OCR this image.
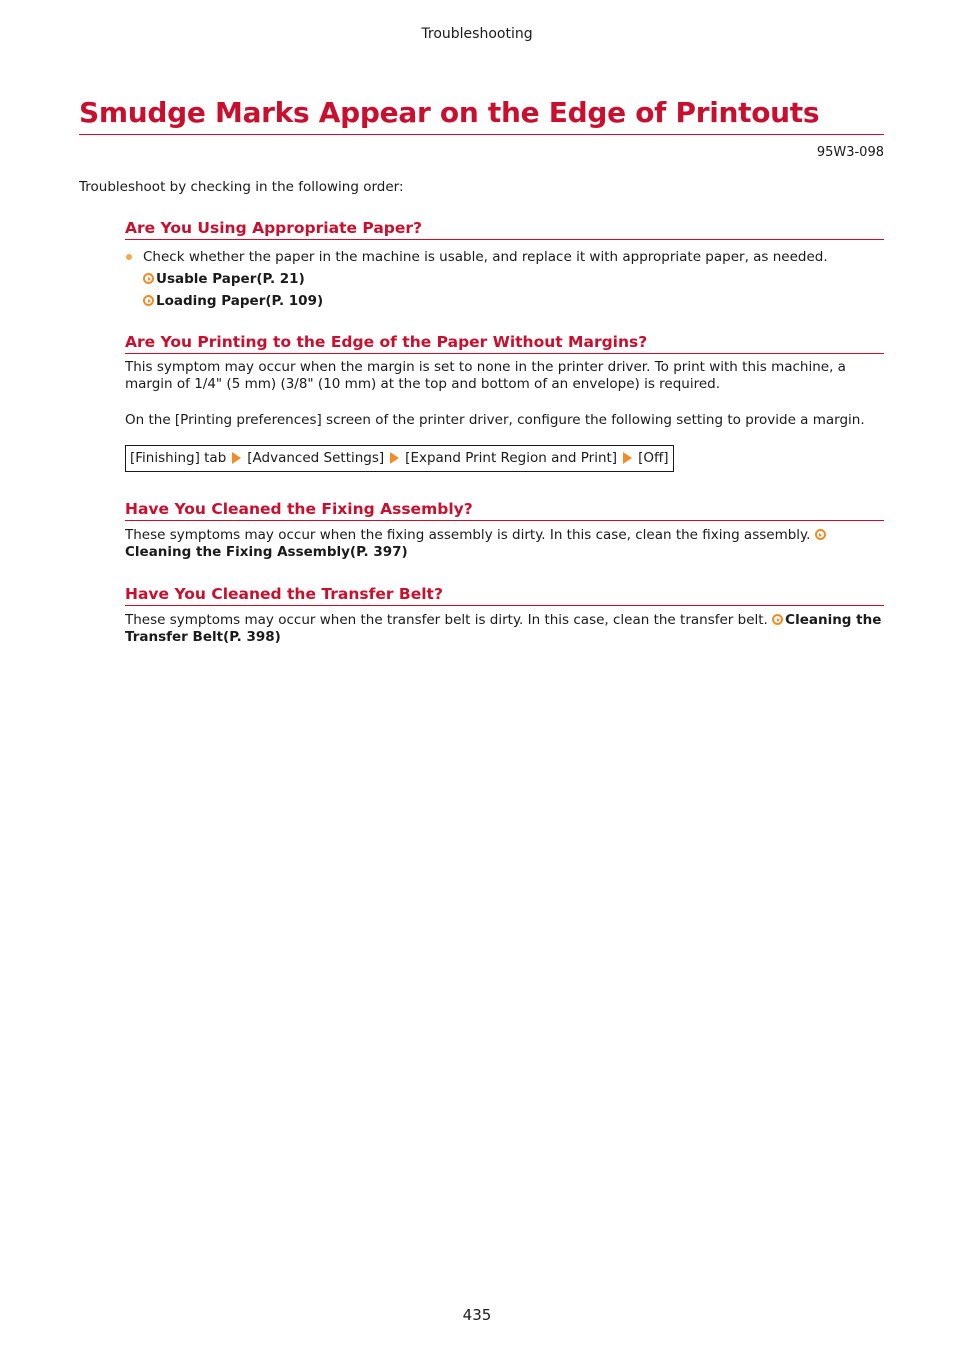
Troubleshooting
Smudge Marks Appear on the Edge of Printouts
95W3-098
Troubleshoot by checking in the following order:
Are You Using Appropriate Paper?
Check whether the paper in the machine is usable, and replace it with appropriate paper, as needed.
Usable Paper(P. 21)
Loading Paper(P. 109)
Are You Printing to the Edge of the Paper Without Margins?

This symptom may occur when the margin is set to none in the printer driver. To print with this machine, a

margin of 1/4" (5 mm) (3/8" (10 mm) at the top and bottom of an envelope) is required.

On the [Printing preferences] screen of the printer driver, configure the following setting to provide a margin.

[Finishing] tab [Advanced Settings] [Expand Print Region and Print] [Off]
Have You Cleaned the Fixing Assembly?

These symptoms may occur when the fixing assembly is dirty. In this case, clean the fixing assembly.
Cleaning the Fixing Assembly(P. 397)

Have You Cleaned the Transfer Belt?

These symptoms may occur when the transfer belt is dirty. In this case, clean the transfer belt. Cleaning the
Transfer Belt(P. 398)

435
